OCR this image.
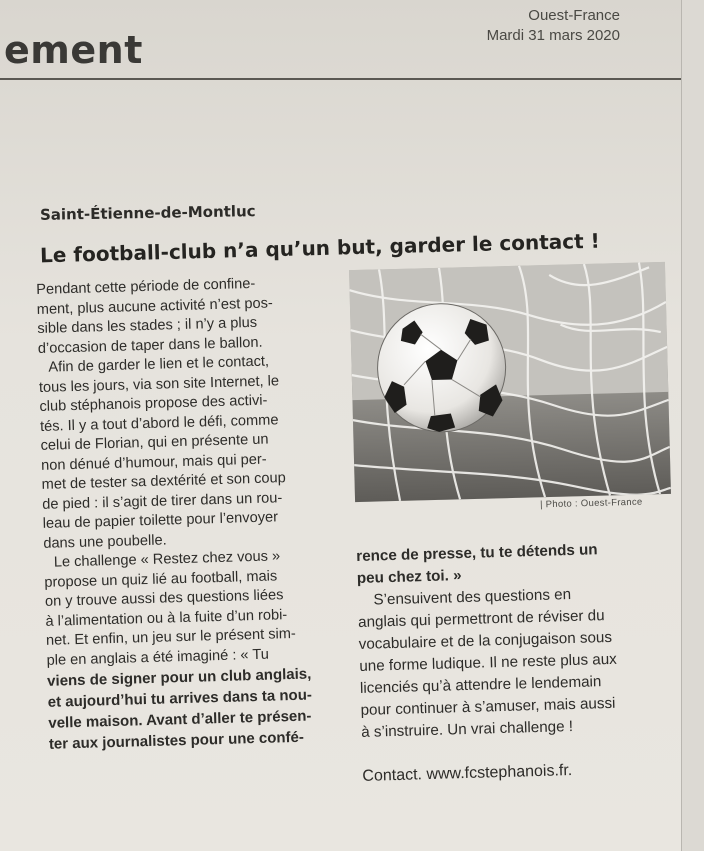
ement
Ouest-France
Mardi 31 mars 2020
Saint-Étienne-de-Montluc
Le football-club n’a qu’un but, garder le contact !

Pendant cette période de confine-

ment, plus aucune activité n’est pos-

sible dans les stades ; il n’y a plus

d’occasion de taper dans le ballon.

Afin de garder le lien et le contact,

tous les jours, via son site Internet, le

club stéphanois propose des activi-

tés. Il y a tout d’abord le défi, comme

celui de Florian, qui en présente un

non dénué d’humour, mais qui per-

met de tester sa dextérité et son coup

de pied : il s’agit de tirer dans un rou-

leau de papier toilette pour l’envoyer

dans une poubelle.

Le challenge « Restez chez vous »

propose un quiz lié au football, mais

on y trouve aussi des questions liées

à l’alimentation ou à la fuite d’un robi-

net. Et enfin, un jeu sur le présent sim-

ple en anglais a été imaginé : « Tu

viens de signer pour un club anglais,

et aujourd’hui tu arrives dans ta nou-

velle maison. Avant d’aller te présen-

ter aux journalistes pour une confé-

| Photo : Ouest-France

rence de presse, tu te détends un

peu chez toi. »

S’ensuivent des questions en

anglais qui permettront de réviser du

vocabulaire et de la conjugaison sous

une forme ludique. Il ne reste plus aux

licenciés qu’à attendre le lendemain

pour continuer à s’amuser, mais aussi

à s’instruire. Un vrai challenge !

Contact. www.fcstephanois.fr.
